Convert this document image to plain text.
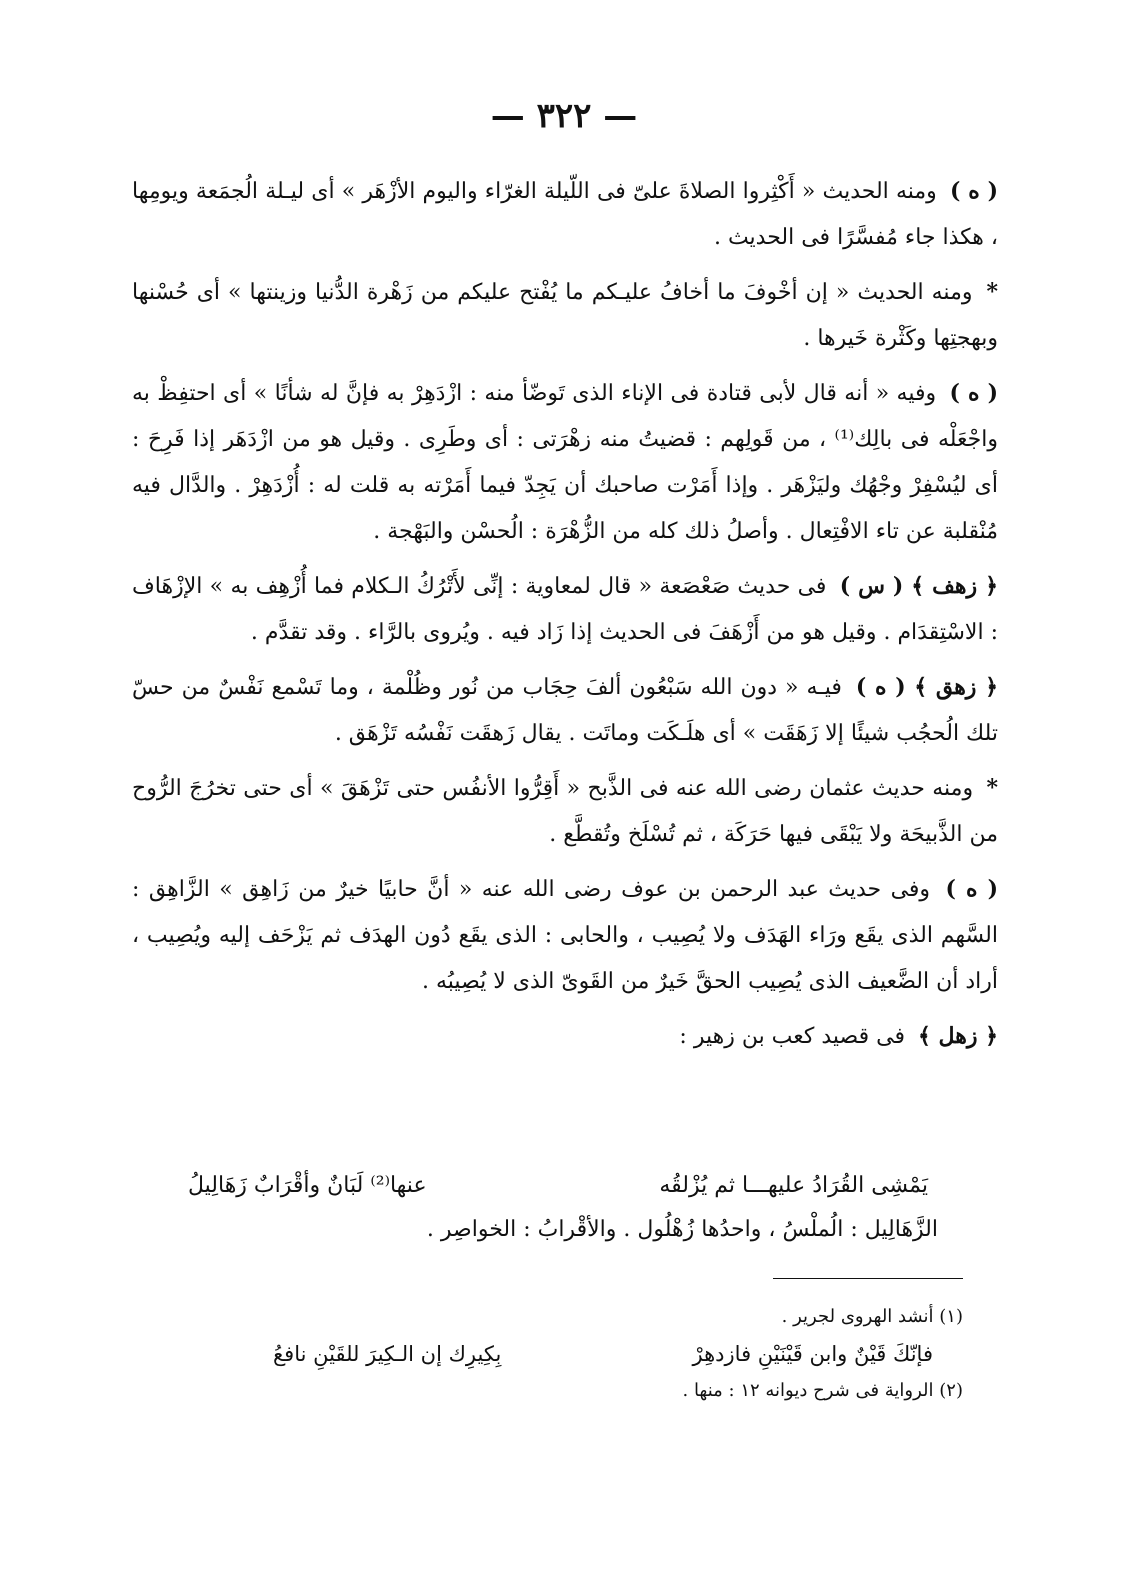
— ٣٢٢ —

( ه ) ومنه الحديث « أَكْثِروا الصلاةَ علىّ فى اللّيلة الغرّاء واليوم الأزْهَر » أى ليـلة الُجمَعة ويومِها ، هكذا جاء مُفسَّرًا فى الحديث .

* ومنه الحديث « إن أخْوفَ ما أخافُ عليـكم ما يُفْتح عليكم من زَهْرة الدُّنيا وزينتها » أى حُسْنها وبهجتِها وكَثْرة خَيرها .

( ه ) وفيه « أنه قال لأبى قتادة فى الإناء الذى تَوضّأ منه : ازْدَهِرْ به فإنَّ له شأنًا » أى احتفِظْ به واجْعَلْه فى بالِك⁽¹⁾ ، من قَولِهم : قضيتُ منه زهْرَتى : أى وطَرِى . وقيل هو من ازْدَهَر إذا فَرِحَ : أى ليُسْفِرْ وجْهُك وليَزْهَر . وإذا أَمَرْت صاحبك أن يَجِدّ فيما أَمَرْته به قلت له : أُزْدَهِرْ . والدَّال فيه مُنْقلبة عن تاء الافْتِعال . وأصلُ ذلك كله من الزُّهْرَة : الُحسْن والبَهْجة .

﴿ زهف ﴾ ( س ) فى حديث صَعْصَعة « قال لمعاوية : إنِّى لأَتْرُكُ الـكلام فما أُزْهِف به » الإزْهَاف : الاسْتِقدَام . وقيل هو من أَزْهَفَ فى الحديث إذا زَاد فيه . ويُروى بالرَّاء . وقد تقدَّم .

﴿ زهق ﴾ ( ه ) فيـه « دون الله سَبْعُون ألفَ حِجَاب من نُور وظُلْمة ، وما تَسْمع نَفْسٌ من حسّ تلك الُحجُب شيئًا إلا زَهَقَت » أى هلَـكَت وماتَت . يقال زَهقَت نَفْسُه تَزْهَق .

* ومنه حديث عثمان رضى الله عنه فى الذَّبح « أَقِرُّوا الأنفُس حتى تَزْهَقَ » أى حتى تخرُجَ الرُّوح من الذَّبيحَة ولا يَبْقَى فيها حَرَكَة ، ثم تُسْلَخ وتُقطَّع .

( ه ) وفى حديث عبد الرحمن بن عوف رضى الله عنه « أنَّ حابيًا خيرٌ من زَاهِق » الزَّاهِق : السَّهم الذى يقَع ورَاء الهَدَف ولا يُصِيب ، والحابى : الذى يقَع دُون الهدَف ثم يَزْحَف إليه ويُصِيب ، أراد أن الضَّعيف الذى يُصِيب الحقَّ خَيرٌ من القَوىّ الذى لا يُصِيبُه .

﴿ زهل ﴾ فى قصيد كعب بن زهير :

يَمْشِى القُرَادُ عليهـــا ثم يُزْلقُه
عنها⁽²⁾ لَبَانٌ وأقْرَابٌ زَهَالِيلُ
الزَّهَالِيل : الُملْسُ ، واحدُها زُهْلُول . والأقْرابُ : الخواصِر .

(١) أنشد الهروى لجرير .

فإنّكَ قَيْنٌ وابن قَيْنَيْنِ فازدهِرْ
بِكِيرِك إن الـكِيرَ للقَيْنِ نافعُ

(٢) الرواية فى شرح ديوانه ١٢ : منها .
